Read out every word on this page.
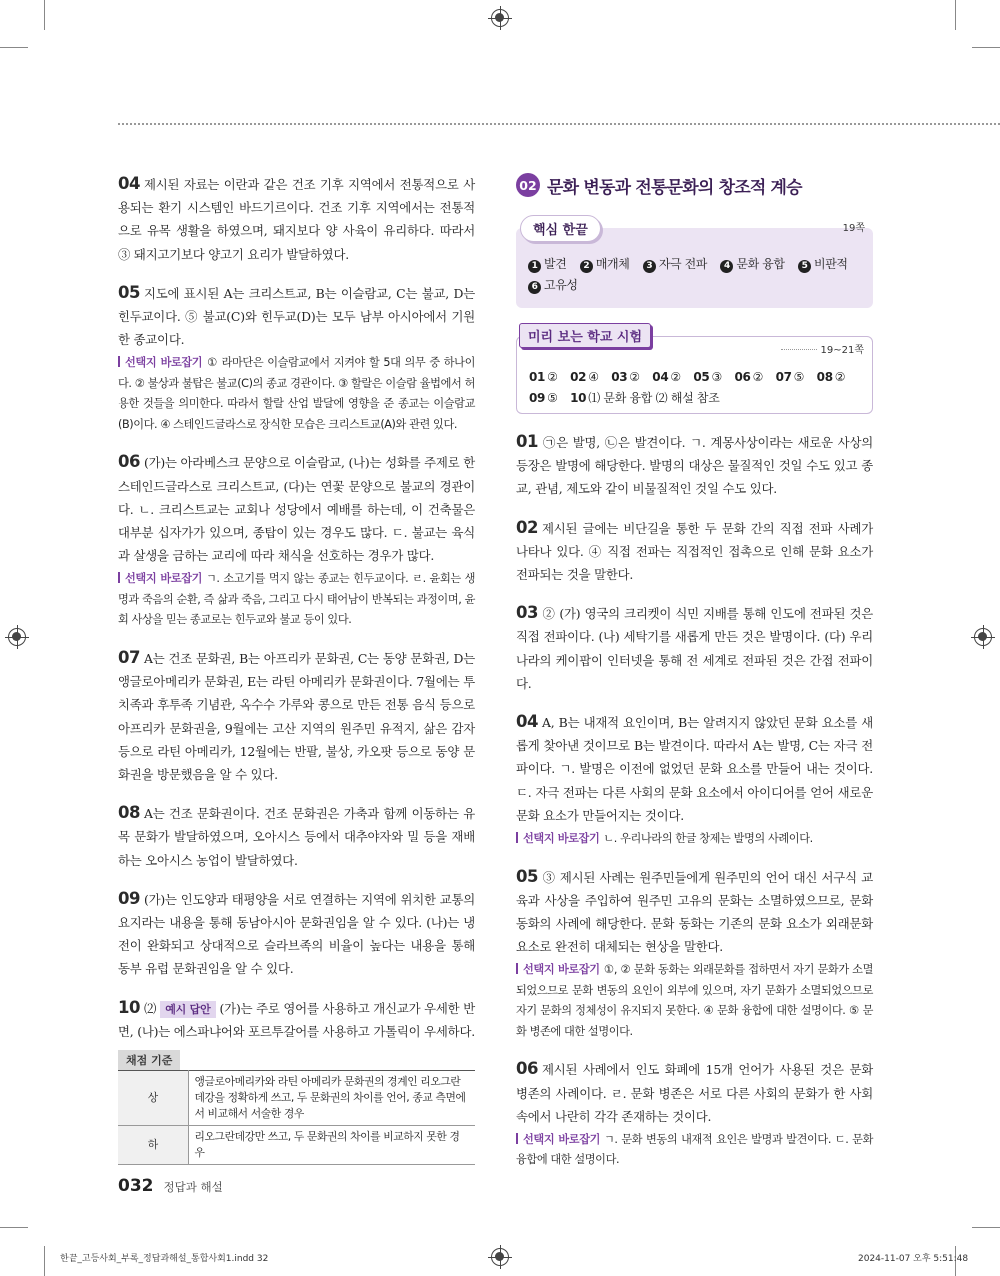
04 제시된 자료는 이란과 같은 건조 기후 지역에서 전통적으로 사용되는 환기 시스템인 바드기르이다. 건조 기후 지역에서는 전통적으로 유목 생활을 하였으며, 돼지보다 양 사육이 유리하다. 따라서 ③ 돼지고기보다 양고기 요리가 발달하였다.
05 지도에 표시된 A는 크리스트교, B는 이슬람교, C는 불교, D는 힌두교이다. ⑤ 불교(C)와 힌두교(D)는 모두 남부 아시아에서 기원한 종교이다.
선택지 바로잡기 ① 라마단은 이슬람교에서 지켜야 할 5대 의무 중 하나이다. ② 불상과 불탑은 불교(C)의 종교 경관이다. ③ 할랄은 이슬람 율법에서 허용한 것들을 의미한다. 따라서 할랄 산업 발달에 영향을 준 종교는 이슬람교(B)이다. ④ 스테인드글라스로 장식한 모습은 크리스트교(A)와 관련 있다.
06 (가)는 아라베스크 문양으로 이슬람교, (나)는 성화를 주제로 한 스테인드글라스로 크리스트교, (다)는 연꽃 문양으로 불교의 경관이다. ㄴ. 크리스트교는 교회나 성당에서 예배를 하는데, 이 건축물은 대부분 십자가가 있으며, 종탑이 있는 경우도 많다. ㄷ. 불교는 육식과 살생을 금하는 교리에 따라 채식을 선호하는 경우가 많다.
선택지 바로잡기 ㄱ. 소고기를 먹지 않는 종교는 힌두교이다. ㄹ. 윤회는 생명과 죽음의 순환, 즉 삶과 죽음, 그리고 다시 태어남이 반복되는 과정이며, 윤회 사상을 믿는 종교로는 힌두교와 불교 등이 있다.
07 A는 건조 문화권, B는 아프리카 문화권, C는 동양 문화권, D는 앵글로아메리카 문화권, E는 라틴 아메리카 문화권이다. 7월에는 투치족과 후투족 기념관, 옥수수 가루와 콩으로 만든 전통 음식 등으로 아프리카 문화권을, 9월에는 고산 지역의 원주민 유적지, 삶은 감자 등으로 라틴 아메리카, 12월에는 반팔, 불상, 카오팟 등으로 동양 문화권을 방문했음을 알 수 있다.
08 A는 건조 문화권이다. 건조 문화권은 가축과 함께 이동하는 유목 문화가 발달하였으며, 오아시스 등에서 대추야자와 밀 등을 재배하는 오아시스 농업이 발달하였다.
09 (가)는 인도양과 태평양을 서로 연결하는 지역에 위치한 교통의 요지라는 내용을 통해 동남아시아 문화권임을 알 수 있다. (나)는 냉전이 완화되고 상대적으로 슬라브족의 비율이 높다는 내용을 통해 동부 유럽 문화권임을 알 수 있다.
10 ⑵ 예시 답안 (가)는 주로 영어를 사용하고 개신교가 우세한 반면, (나)는 에스파냐어와 포르투갈어를 사용하고 가톨릭이 우세하다.
채점 기준
상	앵글로아메리카와 라틴 아메리카 문화권의 경계인 리오그란데강을 정확하게 쓰고, 두 문화권의 차이를 언어, 종교 측면에서 비교해서 서술한 경우
하	리오그란데강만 쓰고, 두 문화권의 차이를 비교하지 못한 경우
02 문화 변동과 전통문화의 창조적 계승
핵심 한끝	19쪽
1 발견 2 매개체 3 자극 전파 4 문화 융합 5 비판적
6 고유성
미리 보는 학교 시험
19~21쪽
01 ② 02 ④ 03 ② 04 ② 05 ③ 06 ② 07 ⑤ 08 ②
09 ⑤ 10 ⑴ 문화 융합 ⑵ 해설 참조
01 ㉠은 발명, ㉡은 발견이다. ㄱ. 계몽사상이라는 새로운 사상의 등장은 발명에 해당한다. 발명의 대상은 물질적인 것일 수도 있고 종교, 관념, 제도와 같이 비물질적인 것일 수도 있다.
02 제시된 글에는 비단길을 통한 두 문화 간의 직접 전파 사례가 나타나 있다. ④ 직접 전파는 직접적인 접촉으로 인해 문화 요소가 전파되는 것을 말한다.
03 ② (가) 영국의 크리켓이 식민 지배를 통해 인도에 전파된 것은 직접 전파이다. (나) 세탁기를 새롭게 만든 것은 발명이다. (다) 우리나라의 케이팝이 인터넷을 통해 전 세계로 전파된 것은 간접 전파이다.
04 A, B는 내재적 요인이며, B는 알려지지 않았던 문화 요소를 새롭게 찾아낸 것이므로 B는 발견이다. 따라서 A는 발명, C는 자극 전파이다. ㄱ. 발명은 이전에 없었던 문화 요소를 만들어 내는 것이다. ㄷ. 자극 전파는 다른 사회의 문화 요소에서 아이디어를 얻어 새로운 문화 요소가 만들어지는 것이다.
선택지 바로잡기 ㄴ. 우리나라의 한글 창제는 발명의 사례이다.
05 ③ 제시된 사례는 원주민들에게 원주민의 언어 대신 서구식 교육과 사상을 주입하여 원주민 고유의 문화는 소멸하였으므로, 문화 동화의 사례에 해당한다. 문화 동화는 기존의 문화 요소가 외래문화 요소로 완전히 대체되는 현상을 말한다.
선택지 바로잡기 ①, ② 문화 동화는 외래문화를 접하면서 자기 문화가 소멸되었으므로 문화 변동의 요인이 외부에 있으며, 자기 문화가 소멸되었으므로 자기 문화의 정체성이 유지되지 못한다. ④ 문화 융합에 대한 설명이다. ⑤ 문화 병존에 대한 설명이다.
06 제시된 사례에서 인도 화폐에 15개 언어가 사용된 것은 문화 병존의 사례이다. ㄹ. 문화 병존은 서로 다른 사회의 문화가 한 사회 속에서 나란히 각각 존재하는 것이다.
선택지 바로잡기 ㄱ. 문화 변동의 내재적 요인은 발명과 발견이다. ㄷ. 문화 융합에 대한 설명이다.
032 정답과 해설
한끝_고등사회_부록_정답과해설_통합사회1.indd 32	2024-11-07 오후 5:51:48
